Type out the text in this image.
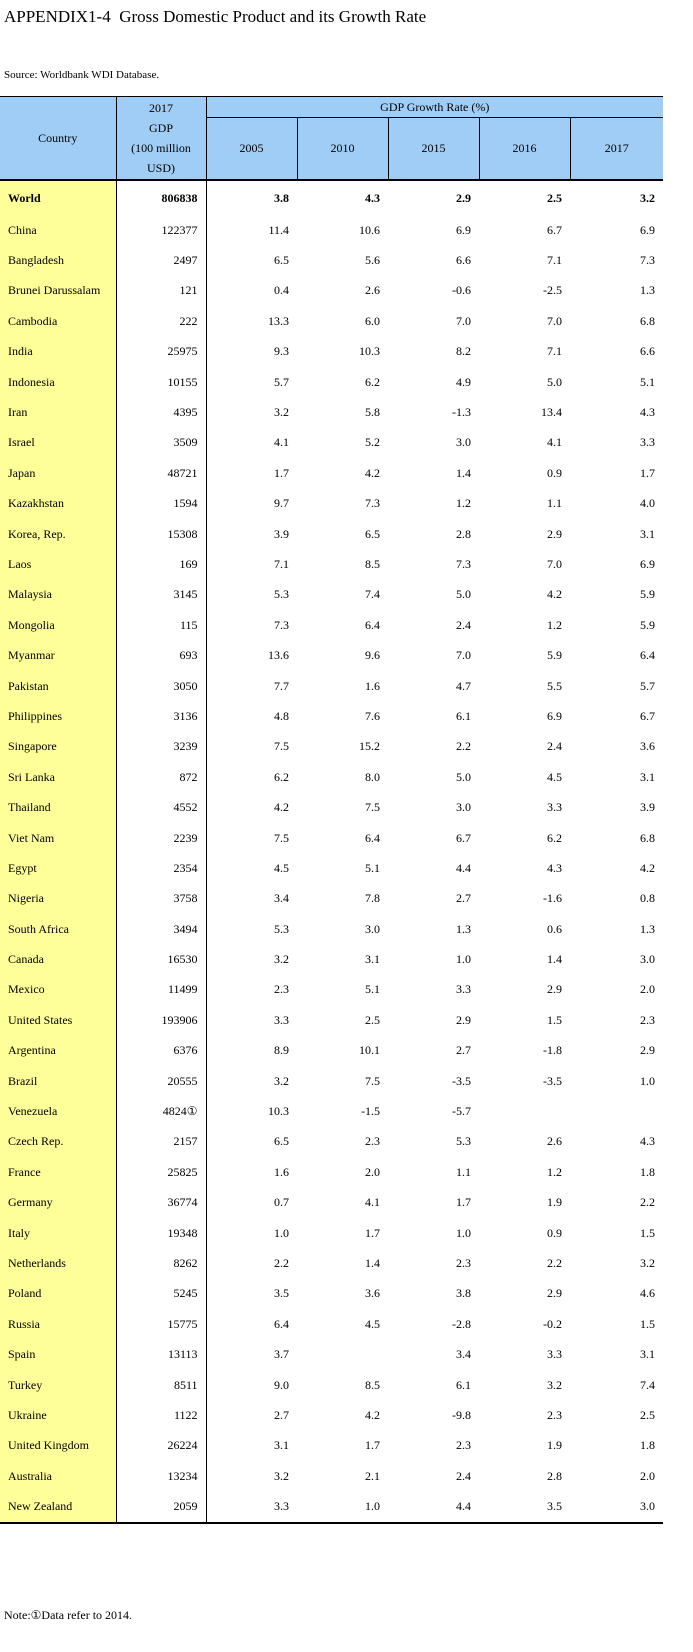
APPENDIX1-4  Gross Domestic Product and its Growth Rate
Source: Worldbank WDI Database.
Country	2017
GDP
(100 million
USD)	GDP Growth Rate (%)				
		2005	2010	2015	2016	2017
World	806838	3.8	4.3	2.9	2.5	3.2
China	122377	11.4	10.6	6.9	6.7	6.9
Bangladesh	2497	6.5	5.6	6.6	7.1	7.3
Brunei Darussalam	121	0.4	2.6	-0.6	-2.5	1.3
Cambodia	222	13.3	6.0	7.0	7.0	6.8
India	25975	9.3	10.3	8.2	7.1	6.6
Indonesia	10155	5.7	6.2	4.9	5.0	5.1
Iran	4395	3.2	5.8	-1.3	13.4	4.3
Israel	3509	4.1	5.2	3.0	4.1	3.3
Japan	48721	1.7	4.2	1.4	0.9	1.7
Kazakhstan	1594	9.7	7.3	1.2	1.1	4.0
Korea, Rep.	15308	3.9	6.5	2.8	2.9	3.1
Laos	169	7.1	8.5	7.3	7.0	6.9
Malaysia	3145	5.3	7.4	5.0	4.2	5.9
Mongolia	115	7.3	6.4	2.4	1.2	5.9
Myanmar	693	13.6	9.6	7.0	5.9	6.4
Pakistan	3050	7.7	1.6	4.7	5.5	5.7
Philippines	3136	4.8	7.6	6.1	6.9	6.7
Singapore	3239	7.5	15.2	2.2	2.4	3.6
Sri Lanka	872	6.2	8.0	5.0	4.5	3.1
Thailand	4552	4.2	7.5	3.0	3.3	3.9
Viet Nam	2239	7.5	6.4	6.7	6.2	6.8
Egypt	2354	4.5	5.1	4.4	4.3	4.2
Nigeria	3758	3.4	7.8	2.7	-1.6	0.8
South Africa	3494	5.3	3.0	1.3	0.6	1.3
Canada	16530	3.2	3.1	1.0	1.4	3.0
Mexico	11499	2.3	5.1	3.3	2.9	2.0
United States	193906	3.3	2.5	2.9	1.5	2.3
Argentina	6376	8.9	10.1	2.7	-1.8	2.9
Brazil	20555	3.2	7.5	-3.5	-3.5	1.0
Venezuela	4824①	10.3	-1.5	-5.7		
Czech Rep.	2157	6.5	2.3	5.3	2.6	4.3
France	25825	1.6	2.0	1.1	1.2	1.8
Germany	36774	0.7	4.1	1.7	1.9	2.2
Italy	19348	1.0	1.7	1.0	0.9	1.5
Netherlands	8262	2.2	1.4	2.3	2.2	3.2
Poland	5245	3.5	3.6	3.8	2.9	4.6
Russia	15775	6.4	4.5	-2.8	-0.2	1.5
Spain	13113	3.7		3.4	3.3	3.1
Turkey	8511	9.0	8.5	6.1	3.2	7.4
Ukraine	1122	2.7	4.2	-9.8	2.3	2.5
United Kingdom	26224	3.1	1.7	2.3	1.9	1.8
Australia	13234	3.2	2.1	2.4	2.8	2.0
New Zealand	2059	3.3	1.0	4.4	3.5	3.0
Note:①Data refer to 2014.
